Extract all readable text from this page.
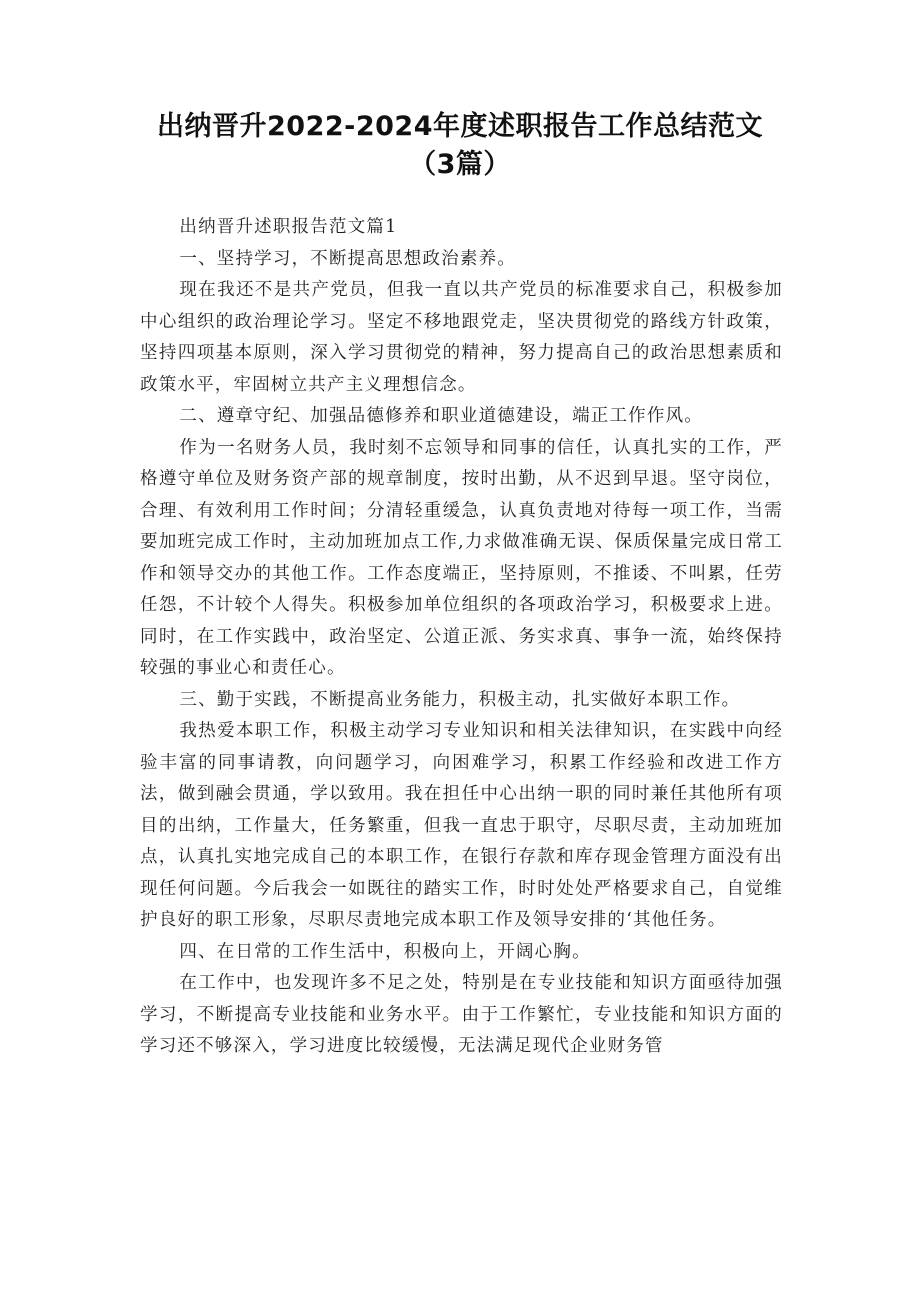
出纳晋升2022-2024年度述职报告工作总结范文（3篇）

出纳晋升述职报告范文篇1

一、坚持学习，不断提高思想政治素养。

现在我还不是共产党员，但我一直以共产党员的标准要求自己，积极参加中心组织的政治理论学习。坚定不移地跟党走，坚决贯彻党的路线方针政策，坚持四项基本原则，深入学习贯彻党的精神，努力提高自己的政治思想素质和政策水平，牢固树立共产主义理想信念。

二、遵章守纪、加强品德修养和职业道德建设，端正工作作风。

作为一名财务人员，我时刻不忘领导和同事的信任，认真扎实的工作，严格遵守单位及财务资产部的规章制度，按时出勤，从不迟到早退。坚守岗位，合理、有效利用工作时间；分清轻重缓急，认真负责地对待每一项工作，当需要加班完成工作时，主动加班加点工作,力求做准确无误、保质保量完成日常工作和领导交办的其他工作。工作态度端正，坚持原则，不推诿、不叫累，任劳任怨，不计较个人得失。积极参加单位组织的各项政治学习，积极要求上进。同时，在工作实践中，政治坚定、公道正派、务实求真、事争一流，始终保持较强的事业心和责任心。

三、勤于实践，不断提高业务能力，积极主动，扎实做好本职工作。

我热爱本职工作，积极主动学习专业知识和相关法律知识，在实践中向经验丰富的同事请教，向问题学习，向困难学习，积累工作经验和改进工作方法，做到融会贯通，学以致用。我在担任中心出纳一职的同时兼任其他所有项目的出纳，工作量大，任务繁重，但我一直忠于职守，尽职尽责，主动加班加点，认真扎实地完成自己的本职工作，在银行存款和库存现金管理方面没有出现任何问题。今后我会一如既往的踏实工作，时时处处严格要求自己，自觉维护良好的职工形象，尽职尽责地完成本职工作及领导安排的‘其他任务。

四、在日常的工作生活中，积极向上，开阔心胸。

在工作中，也发现许多不足之处，特别是在专业技能和知识方面亟待加强学习，不断提高专业技能和业务水平。由于工作繁忙，专业技能和知识方面的学习还不够深入，学习进度比较缓慢，无法满足现代企业财务管
